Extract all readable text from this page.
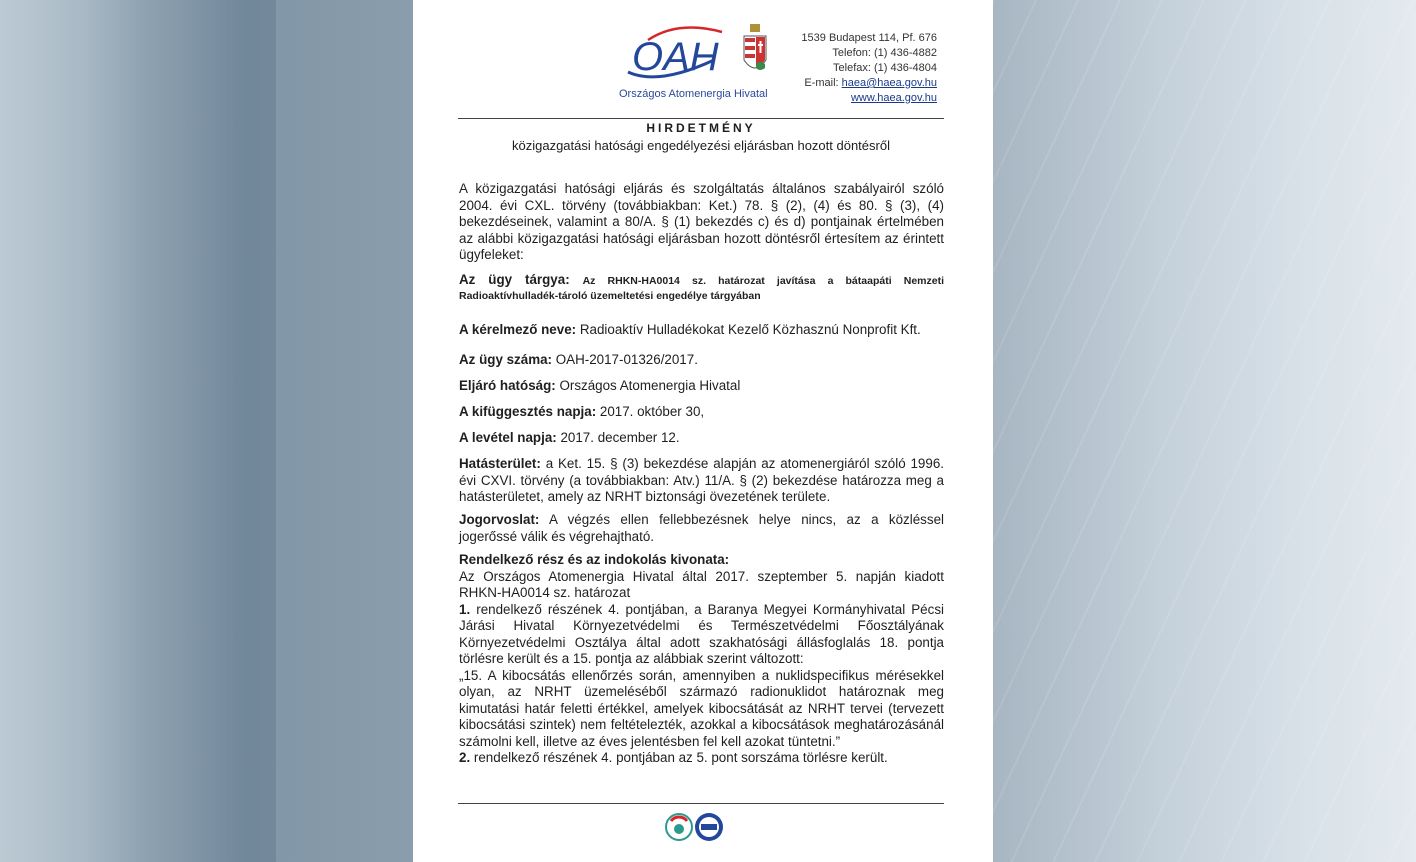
OAH
Országos Atomenergia Hivatal
1539 Budapest 114, Pf. 676
Telefon: (1) 436-4882
Telefax: (1) 436-4804
E-mail: haea@haea.gov.hu
www.haea.gov.hu
HIRDETMÉNY
közigazgatási hatósági engedélyezési eljárásban hozott döntésről
A közigazgatási hatósági eljárás és szolgáltatás általános szabályairól szóló 2004. évi CXL. törvény (továbbiakban: Ket.) 78. § (2), (4) és 80. § (3), (4) bekezdéseinek, valamint a 80/A. § (1) bekezdés c) és d) pontjainak értelmében az alábbi közigazgatási hatósági eljárásban hozott döntésről értesítem az érintett ügyfeleket:
Az ügy tárgya: Az RHKN-HA0014 sz. határozat javítása a bátaapáti Nemzeti Radioaktívhulladék-tároló üzemeltetési engedélye tárgyában
A kérelmező neve: Radioaktív Hulladékokat Kezelő Közhasznú Nonprofit Kft.
Az ügy száma: OAH-2017-01326/2017.
Eljáró hatóság: Országos Atomenergia Hivatal
A kifüggesztés napja: 2017. október 30,
A levétel napja: 2017. december 12.
Hatásterület: a Ket. 15. § (3) bekezdése alapján az atomenergiáról szóló 1996. évi CXVI. törvény (a továbbiakban: Atv.) 11/A. § (2) bekezdése határozza meg a hatásterületet, amely az NRHT biztonsági övezetének területe.
Jogorvoslat: A végzés ellen fellebbezésnek helye nincs, az a közléssel jogerőssé válik és végrehajtható.
Rendelkező rész és az indokolás kivonata:
Az Országos Atomenergia Hivatal által 2017. szeptember 5. napján kiadott RHKN-HA0014 sz. határozat
1. rendelkező részének 4. pontjában, a Baranya Megyei Kormányhivatal Pécsi Járási Hivatal Környezetvédelmi és Természetvédelmi Főosztályának Környezetvédelmi Osztálya által adott szakhatósági állásfoglalás 18. pontja törlésre került és a 15. pontja az alábbiak szerint változott:
„15. A kibocsátás ellenőrzés során, amennyiben a nuklidspecifikus mérésekkel olyan, az NRHT üzemeléséből származó radionuklidot határoznak meg kimutatási határ feletti értékkel, amelyek kibocsátását az NRHT tervei (tervezett kibocsátási szintek) nem feltételezték, azokkal a kibocsátások meghatározásánál számolni kell, illetve az éves jelentésben fel kell azokat tüntetni.”
2. rendelkező részének 4. pontjában az 5. pont sorszáma törlésre került.
